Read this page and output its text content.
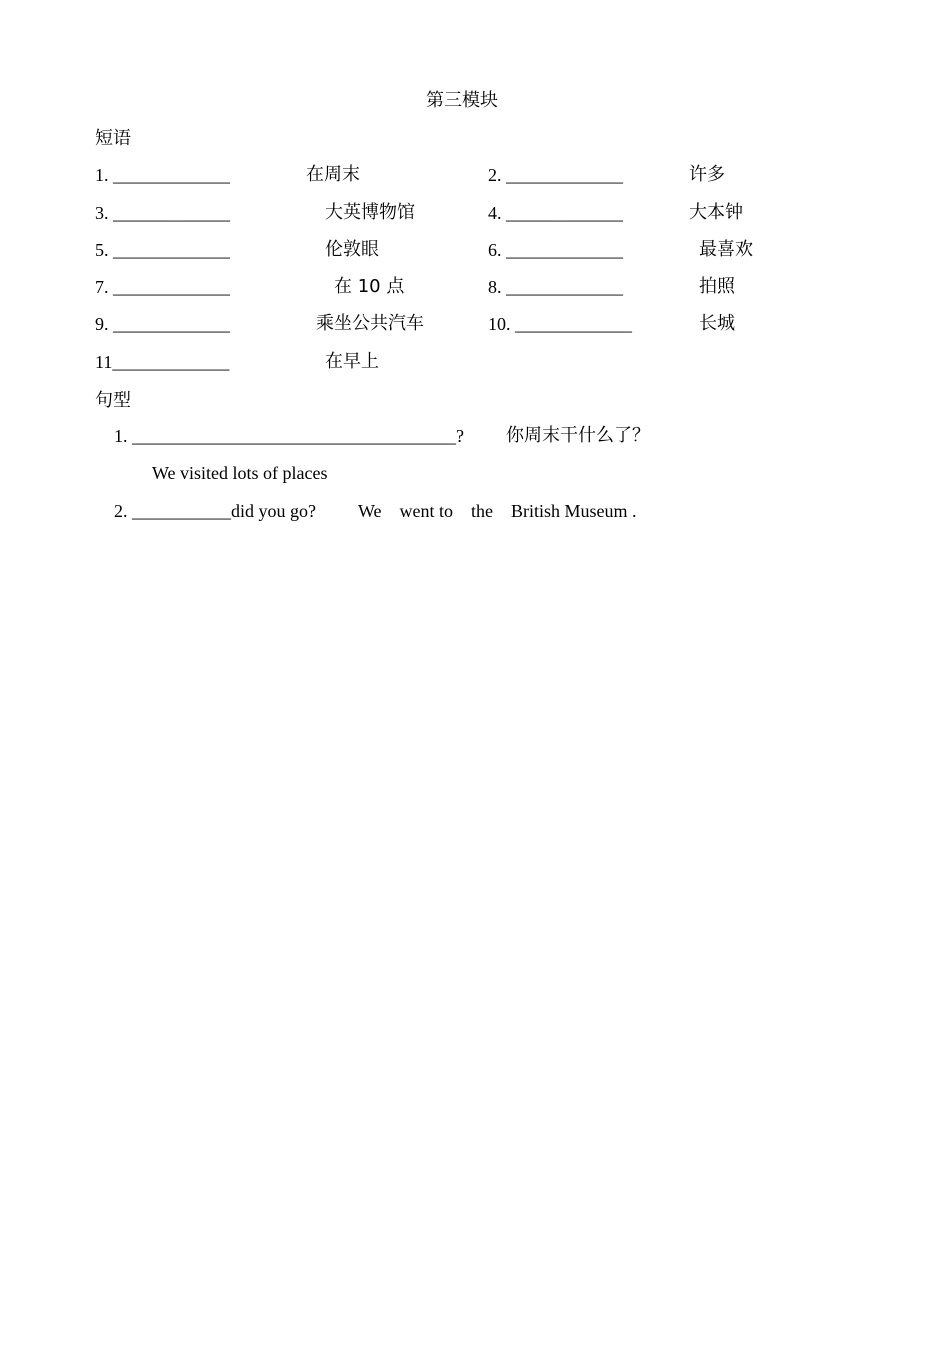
第三模块
短语
1. _____________	在周末	2. _____________	许多
3. _____________	大英博物馆	4. _____________	大本钟
5. _____________	伦敦眼	6. _____________	最喜欢
7. _____________	在 10 点	8. _____________	拍照
9. _____________	乘坐公共汽车	10. _____________	长城
11_____________	在早上
句型
1. ____________________________________? 你周末干什么了？
We visited lots of places
2. ___________did you go? We    went to    the    British Museum .
